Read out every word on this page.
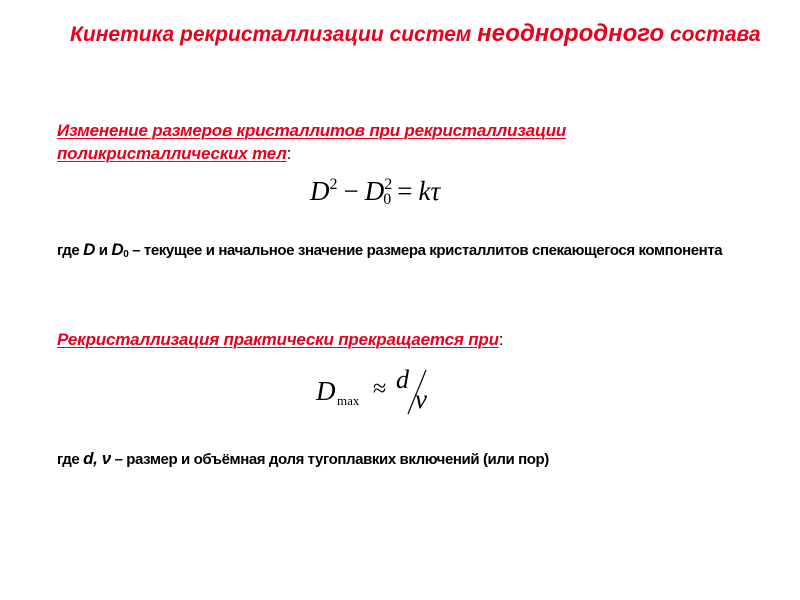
Кинетика рекристаллизации систем неоднородного состава
Изменение размеров кристаллитов при рекристаллизации
поликристаллических тел:
$D^2 - D^20 = k\tau$
где D и $D_0$ – текущее и начальное значение размера кристаллитов спекающегося компонента
Рекристаллизация практически прекращается при:
D max ≈ d
ν
где d, ν – размер и объёмная доля тугоплавких включений (или пор)
